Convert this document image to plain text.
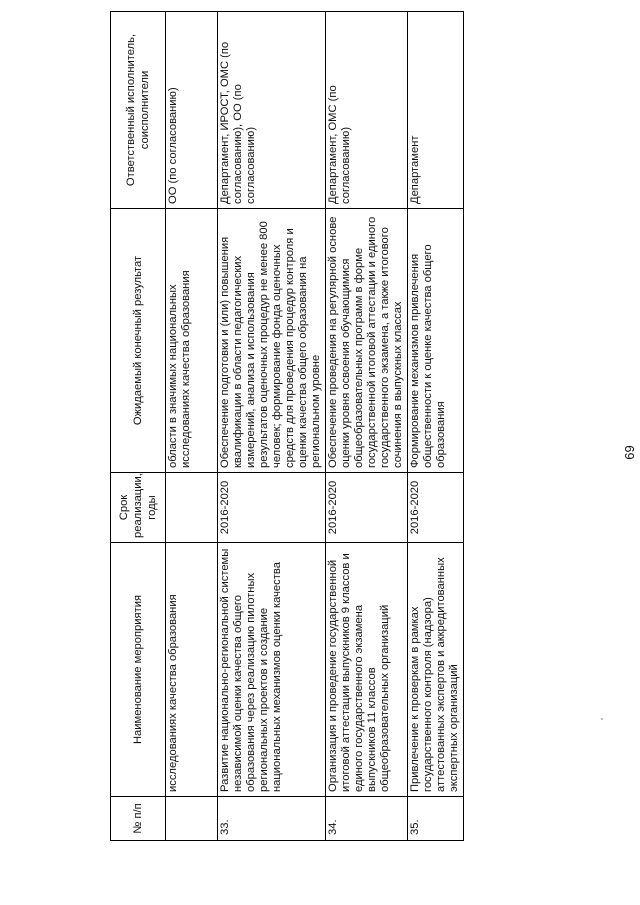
69
№ п/п	Наименование мероприятия	Срок реализации, годы	Ожидаемый конечный результат	Ответственный исполнитель, соисполнители
	исследованиях качества образования		области в значимых национальных исследованиях качества образования	ОО (по согласованию)
33.	Развитие национально-региональной системы независимой оценки качества общего образования через реализацию пилотных региональных проектов и создание национальных механизмов оценки качества	2016-2020	Обеспечение подготовки и (или) повышения квалификации в области педагогических измерений, анализа и использования результатов оценочных процедур не менее 800 человек; формирование фонда оценочных средств для проведения процедур контроля и оценки качества общего образования на региональном уровне	Департамент, ИРОСТ, ОМС (по согласованию), ОО (по согласованию)
34.	Организация и проведение государственной итоговой аттестации выпускников 9 классов и единого государственного экзамена выпускников 11 классов общеобразовательных организаций	2016-2020	Обеспечение проведения на регулярной основе оценки уровня освоения обучающимися общеобразовательных программ в форме государственной итоговой аттестации и единого государственного экзамена, а также итогового сочинения в выпускных классах	Департамент, ОМС (по согласованию)
35.	Привлечение к проверкам в рамках государственного контроля (надзора) аттестованных экспертов и аккредитованных экспертных организаций	2016-2020	Формирование механизмов привлечения общественности к оценке качества общего образования	Департамент
